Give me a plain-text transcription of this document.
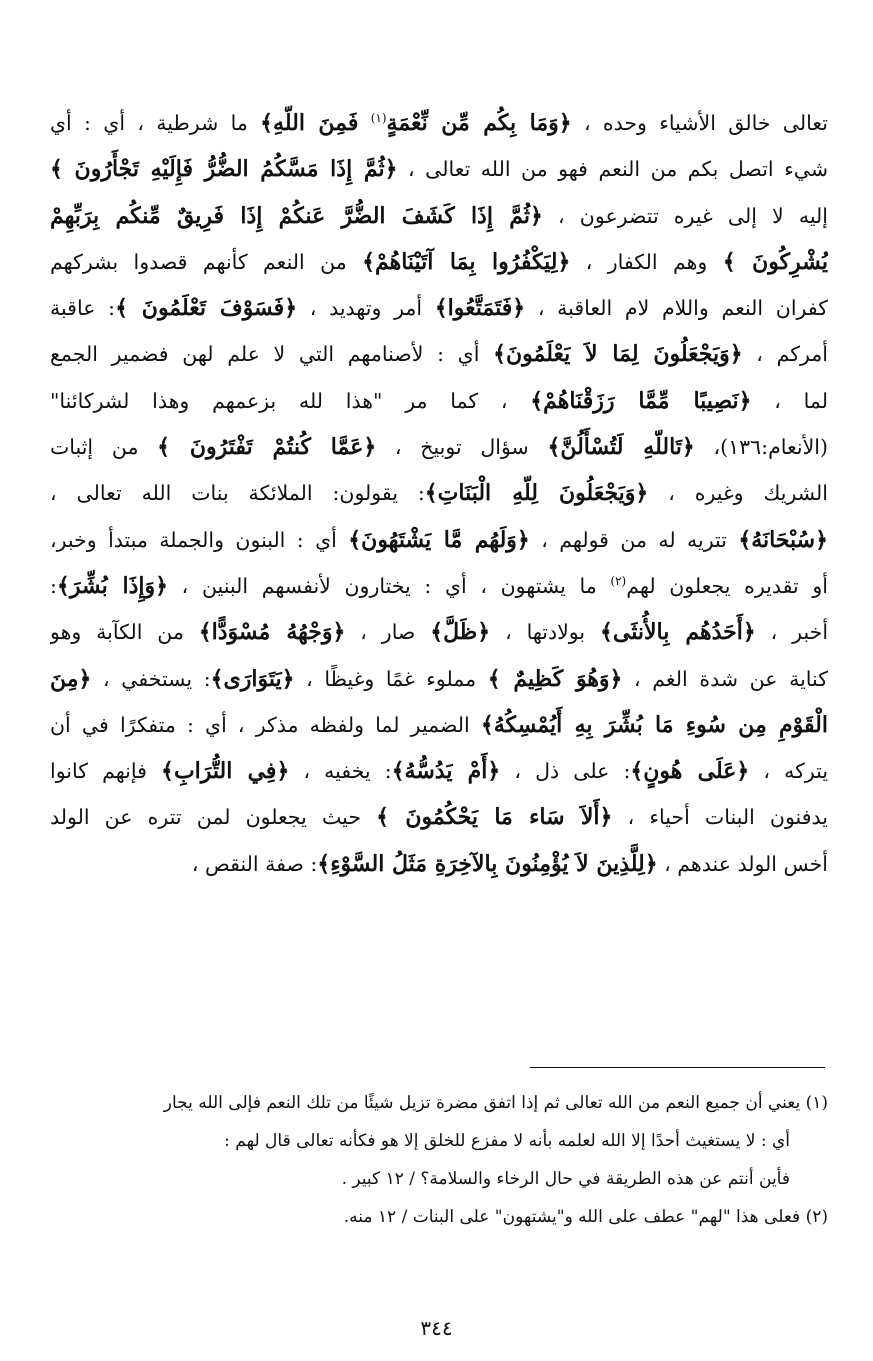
تعالى خالق الأشياء وحده ، ﴿وَمَا بِكُم مِّن نِّعْمَةٍ$^{(١)}$ فَمِنَ اللّهِ﴾ ما شرطية ، أي : أي
شيء اتصل بكم من النعم فهو من الله تعالى ، ﴿ثُمَّ إِذَا مَسَّكُمُ الضُّرُّ فَإِلَيْهِ تَجْأَرُونَ ﴾
إليه لا إلى غيره تتضرعون ، ﴿ثُمَّ إِذَا كَشَفَ الضُّرَّ عَنكُمْ إِذَا فَرِيقٌ مِّنكُم بِرَبِّهِمْ
يُشْرِكُونَ ﴾ وهم الكفار ، ﴿لِيَكْفُرُوا بِمَا آتَيْنَاهُمْ﴾ من النعم كأنهم قصدوا بشركهم
كفران النعم واللام لام العاقبة ، ﴿فَتَمَتَّعُوا﴾ أمر وتهديد ، ﴿فَسَوْفَ تَعْلَمُونَ ﴾: عاقبة
أمركم ، ﴿وَيَجْعَلُونَ لِمَا لاَ يَعْلَمُونَ﴾ أي : لأصنامهم التي لا علم لهن فضمير الجمع
لما ، ﴿نَصِيبًا مِّمَّا رَزَقْنَاهُمْ﴾ ، كما مر "هذا لله بزعمهم وهذا لشركائنا"
(الأنعام:١٣٦)، ﴿تَاللّهِ لَتُسْأَلُنَّ﴾ سؤال توبيخ ، ﴿عَمَّا كُنتُمْ تَفْتَرُونَ ﴾ من إثبات
الشريك وغيره ، ﴿وَيَجْعَلُونَ لِلّهِ الْبَنَاتِ﴾: يقولون: الملائكة بنات الله تعالى ،
﴿سُبْحَانَهُ﴾ تتريه له من قولهم ، ﴿وَلَهُم مَّا يَشْتَهُونَ﴾ أي : البنون والجملة مبتدأ وخبر،
أو تقديره يجعلون لهم$^{(٢)}$ ما يشتهون ، أي : يختارون لأنفسهم البنين ، ﴿وَإِذَا بُشِّرَ﴾:
أخبر ، ﴿أَحَدُهُم بِالأُنثَى﴾ بولادتها ، ﴿ظَلَّ﴾ صار ، ﴿وَجْهُهُ مُسْوَدًّا﴾ من الكآبة وهو
كناية عن شدة الغم ، ﴿وَهُوَ كَظِيمٌ ﴾ مملوء غمًا وغيظًا ، ﴿يَتَوَارَى﴾: يستخفي ، ﴿مِنَ
الْقَوْمِ مِن سُوءِ مَا بُشِّرَ بِهِ أَيُمْسِكُهُ﴾ الضمير لما ولفظه مذكر ، أي : متفكرًا في أن
يتركه ، ﴿عَلَى هُونٍ﴾: على ذل ، ﴿أَمْ يَدُسُّهُ﴾: يخفيه ، ﴿فِي التُّرَابِ﴾ فإنهم كانوا
يدفنون البنات أحياء ، ﴿أَلاَ سَاء مَا يَحْكُمُونَ ﴾ حيث يجعلون لمن تتره عن الولد
أخس الولد عندهم ، ﴿لِلَّذِينَ لاَ يُؤْمِنُونَ بِالآخِرَةِ مَثَلُ السَّوْءِ﴾: صفة النقص ،
(١) يعني أن جميع النعم من الله تعالى ثم إذا اتفق مضرة تزيل شيئًا من تلك النعم فإلى الله يجار
أي : لا يستغيث أحدًا إلا الله لعلمه بأنه لا مفزع للخلق إلا هو فكأنه تعالى قال لهم :
فأين أنتم عن هذه الطريقة في حال الرخاء والسلامة؟ / ١٢ كبير .
(٢) فعلى هذا "لهم" عطف على الله و"يشتهون" على البنات / ١٢ منه.
٣٤٤
